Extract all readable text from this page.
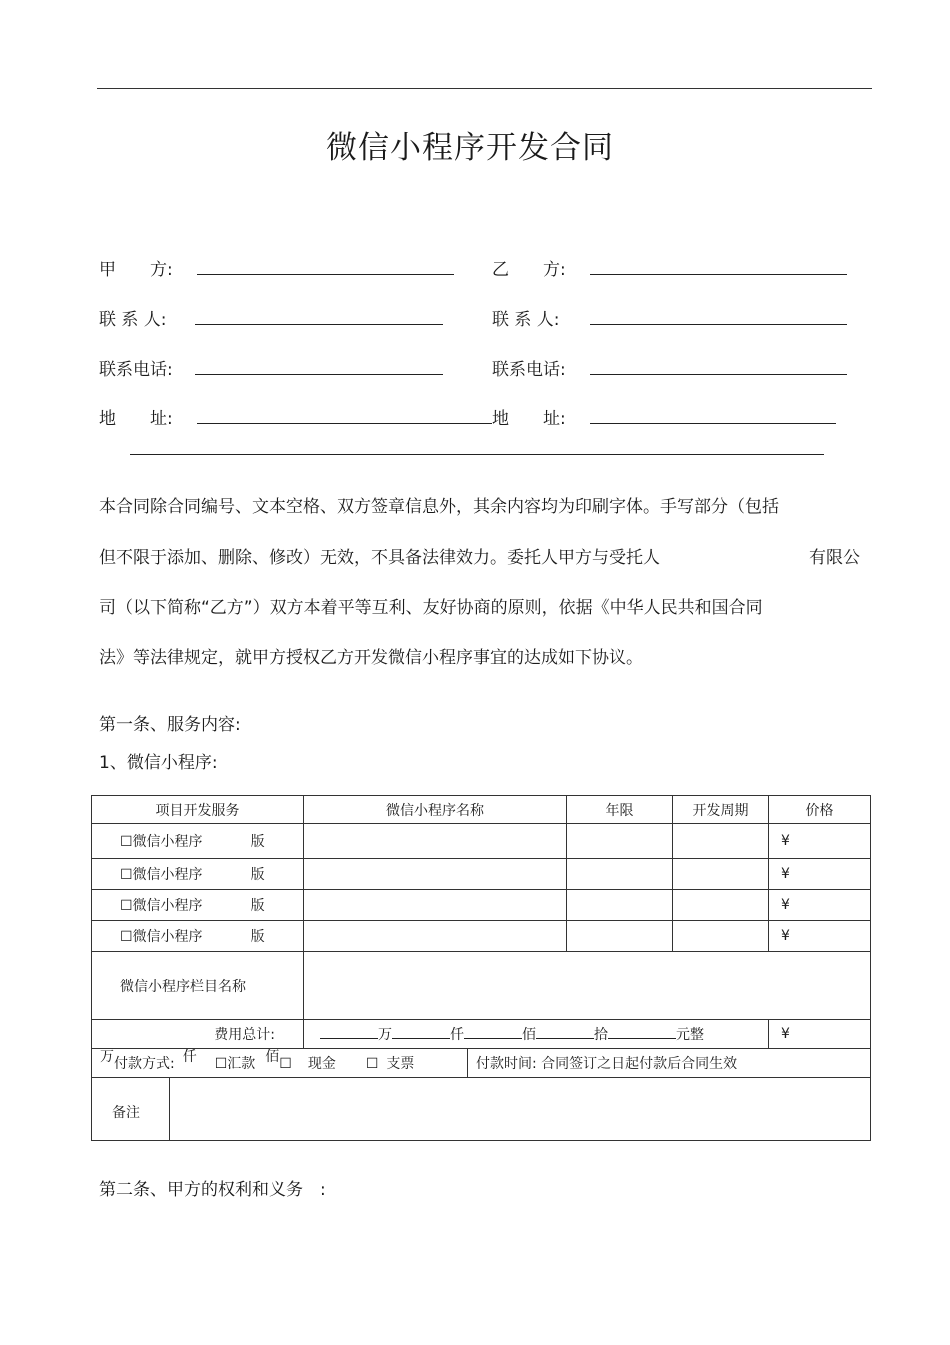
微信小程序开发合同
甲　　方:	乙　　方:
联 系 人:	联 系 人:
联系电话:	联系电话:
地　　址:	地　　址:
本合同除合同编号、文本空格、双方签章信息外，其余内容均为印刷字体。手写部分（包括
但不限于添加、删除、修改）无效，不具备法律效力。委托人甲方与受托人	有限公
司（以下简称“乙方”）双方本着平等互利、友好协商的原则，依据《中华人民共和国合同
法》等法律规定，就甲方授权乙方开发微信小程序事宜的达成如下协议。
第一条、服务内容:
1、微信小程序:
项目开发服务	微信小程序名称	年限	开发周期	价格
☐微信小程序 版				¥
☐微信小程序 版				¥
☐微信小程序 版				¥
☐微信小程序 版				¥
微信小程序栏目名称				
费用总计:	万 仟 佰 拾 元整			¥
万付款方式: 仟 ☐汇款 佰☐ 现金 ☐ 支票		付款时间: 合同签订之日起付款后合同生效
备注		
第二条、甲方的权利和义务　:
